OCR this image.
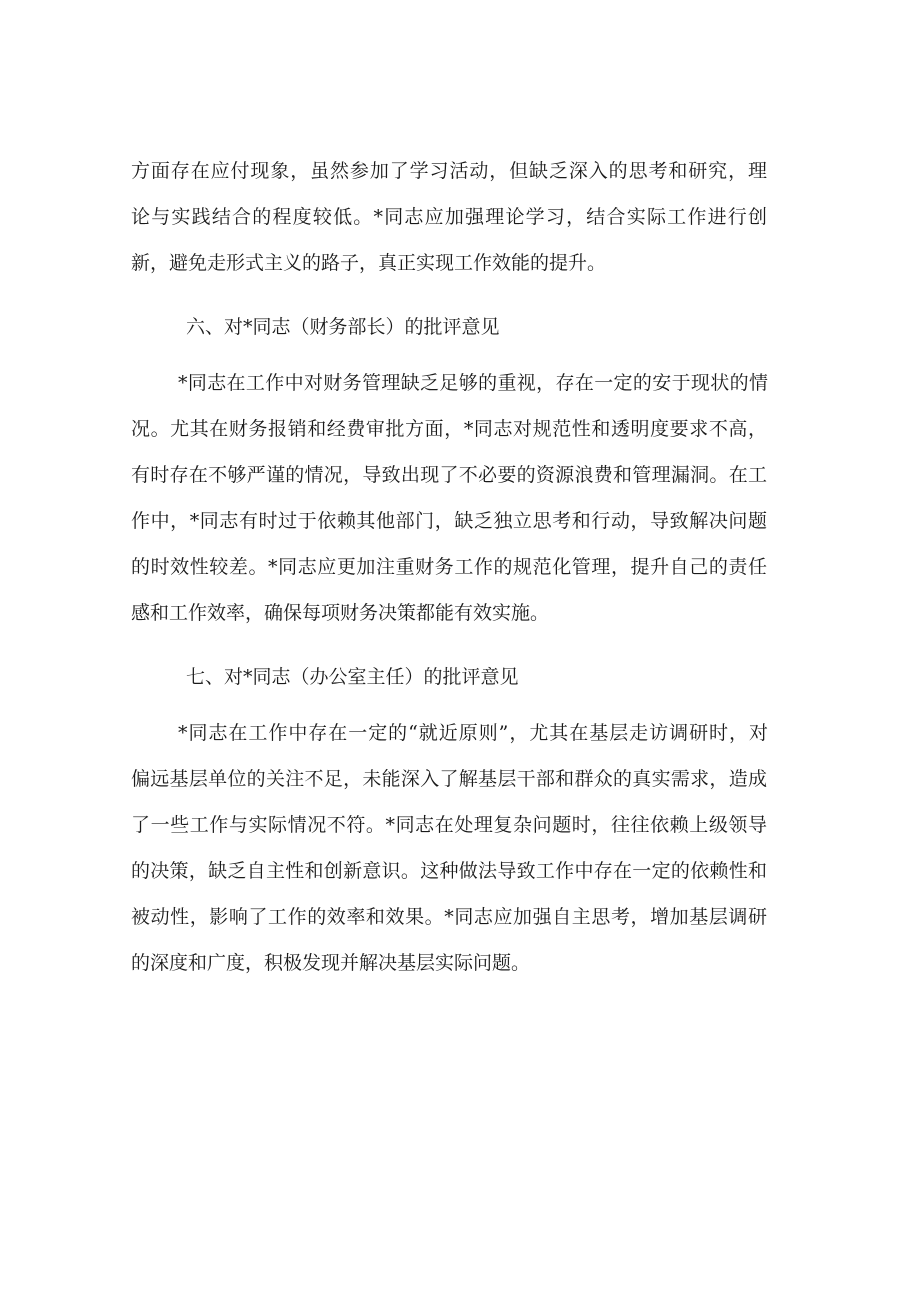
方面存在应付现象，虽然参加了学习活动，但缺乏深入的思考和研究，理

论与实践结合的程度较低。*同志应加强理论学习，结合实际工作进行创

新，避免走形式主义的路子，真正实现工作效能的提升。

六、对*同志（财务部长）的批评意见

*同志在工作中对财务管理缺乏足够的重视，存在一定的安于现状的情

况。尤其在财务报销和经费审批方面，*同志对规范性和透明度要求不高，

有时存在不够严谨的情况，导致出现了不必要的资源浪费和管理漏洞。在工

作中，*同志有时过于依赖其他部门，缺乏独立思考和行动，导致解决问题

的时效性较差。*同志应更加注重财务工作的规范化管理，提升自己的责任

感和工作效率，确保每项财务决策都能有效实施。

七、对*同志（办公室主任）的批评意见

*同志在工作中存在一定的“就近原则”，尤其在基层走访调研时，对

偏远基层单位的关注不足，未能深入了解基层干部和群众的真实需求，造成

了一些工作与实际情况不符。*同志在处理复杂问题时，往往依赖上级领导

的决策，缺乏自主性和创新意识。这种做法导致工作中存在一定的依赖性和

被动性，影响了工作的效率和效果。*同志应加强自主思考，增加基层调研

的深度和广度，积极发现并解决基层实际问题。
